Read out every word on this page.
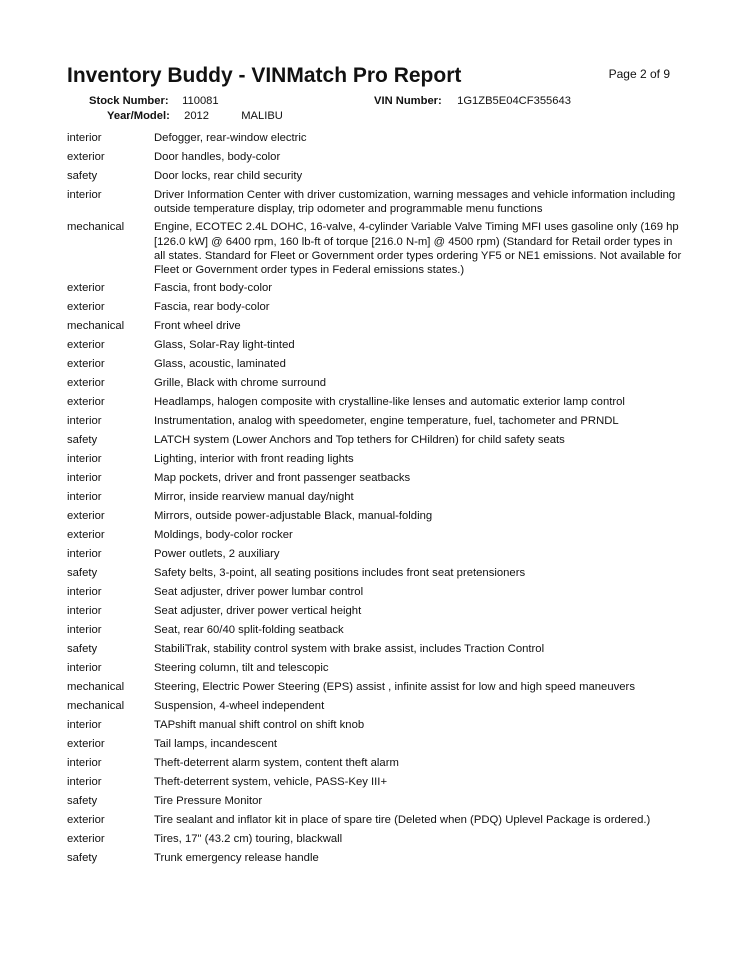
Inventory Buddy - VINMatch Pro Report	Page 2 of 9
Stock Number: 110081
Year/Model: 2012	MALIBU
VIN Number: 1G1ZB5E04CF355643
interior	Defogger, rear-window electric
exterior	Door handles, body-color
safety	Door locks, rear child security
interior	Driver Information Center with driver customization, warning messages and vehicle information including outside temperature display, trip odometer and programmable menu functions
mechanical	Engine, ECOTEC 2.4L DOHC, 16-valve, 4-cylinder Variable Valve Timing MFI uses gasoline only (169 hp [126.0 kW] @ 6400 rpm, 160 lb-ft of torque [216.0 N-m] @ 4500 rpm) (Standard for Retail order types in all states. Standard for Fleet or Government order types ordering YF5 or NE1 emissions. Not available for Fleet or Government order types in Federal emissions states.)
exterior	Fascia, front body-color
exterior	Fascia, rear body-color
mechanical	Front wheel drive
exterior	Glass, Solar-Ray light-tinted
exterior	Glass, acoustic, laminated
exterior	Grille, Black with chrome surround
exterior	Headlamps, halogen composite with crystalline-like lenses and automatic exterior lamp control
interior	Instrumentation, analog with speedometer, engine temperature, fuel, tachometer and PRNDL
safety	LATCH system (Lower Anchors and Top tethers for CHildren) for child safety seats
interior	Lighting, interior with front reading lights
interior	Map pockets, driver and front passenger seatbacks
interior	Mirror, inside rearview manual day/night
exterior	Mirrors, outside power-adjustable Black, manual-folding
exterior	Moldings, body-color rocker
interior	Power outlets, 2 auxiliary
safety	Safety belts, 3-point, all seating positions includes front seat pretensioners
interior	Seat adjuster, driver power lumbar control
interior	Seat adjuster, driver power vertical height
interior	Seat, rear 60/40 split-folding seatback
safety	StabiliTrak, stability control system with brake assist, includes Traction Control
interior	Steering column, tilt and telescopic
mechanical	Steering, Electric Power Steering (EPS) assist , infinite assist for low and high speed maneuvers
mechanical	Suspension, 4-wheel independent
interior	TAPshift manual shift control on shift knob
exterior	Tail lamps, incandescent
interior	Theft-deterrent alarm system, content theft alarm
interior	Theft-deterrent system, vehicle, PASS-Key III+
safety	Tire Pressure Monitor
exterior	Tire sealant and inflator kit in place of spare tire (Deleted when (PDQ) Uplevel Package is ordered.)
exterior	Tires, 17" (43.2 cm) touring, blackwall
safety	Trunk emergency release handle
